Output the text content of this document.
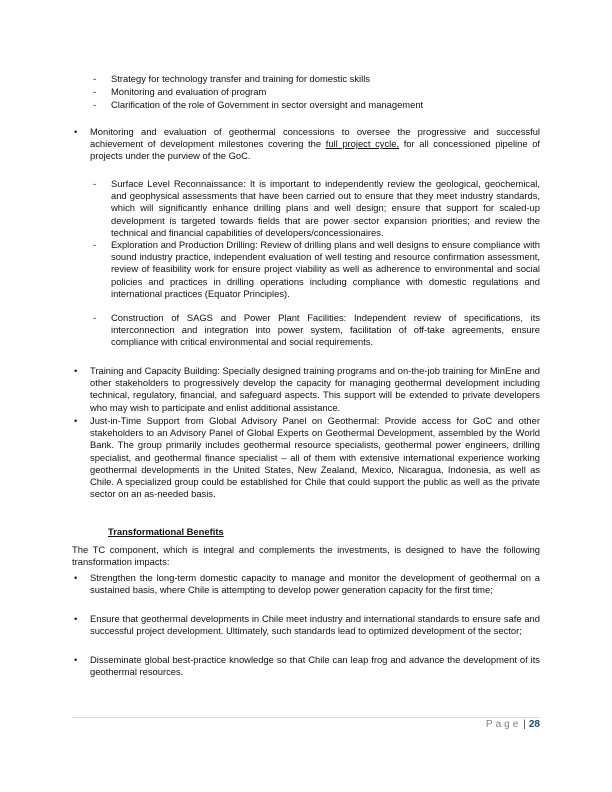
- Strategy for technology transfer and training for domestic skills

- Monitoring and evaluation of program

- Clarification of the role of Government in sector oversight and management

• Monitoring and evaluation of geothermal concessions to oversee the progressive and successful achievement of development milestones covering the full project cycle, for all concessioned pipeline of projects under the purview of the GoC.

- Surface Level Reconnaissance: It is important to independently review the geological, geochemical, and geophysical assessments that have been carried out to ensure that they meet industry standards, which will significantly enhance drilling plans and well design; ensure that support for scaled-up development is targeted towards fields that are power sector expansion priorities; and review the technical and financial capabilities of developers/concessionaires.

- Exploration and Production Drilling: Review of drilling plans and well designs to ensure compliance with sound industry practice, independent evaluation of well testing and resource confirmation assessment, review of feasibility work for ensure project viability as well as adherence to environmental and social policies and practices in drilling operations including compliance with domestic regulations and international practices (Equator Principles).

- Construction of SAGS and Power Plant Facilities: Independent review of specifications, its interconnection and integration into power system, facilitation of off-take agreements, ensure compliance with critical environmental and social requirements.

• Training and Capacity Building: Specially designed training programs and on-the-job training for MinEne and other stakeholders to progressively develop the capacity for managing geothermal development including technical, regulatory, financial, and safeguard aspects. This support will be extended to private developers who may wish to participate and enlist additional assistance.

• Just-in-Time Support from Global Advisory Panel on Geothermal: Provide access for GoC and other stakeholders to an Advisory Panel of Global Experts on Geothermal Development, assembled by the World Bank. The group primarily includes geothermal resource specialists, geothermal power engineers, drilling specialist, and geothermal finance specialist – all of them with extensive international experience working geothermal developments in the United States, New Zealand, Mexico, Nicaragua, Indonesia, as well as Chile. A specialized group could be established for Chile that could support the public as well as the private sector on an as-needed basis.

Transformational Benefits

The TC component, which is integral and complements the investments, is designed to have the following transformation impacts:

• Strengthen the long-term domestic capacity to manage and monitor the development of geothermal on a sustained basis, where Chile is attempting to develop power generation capacity for the first time;

• Ensure that geothermal developments in Chile meet industry and international standards to ensure safe and successful project development. Ultimately, such standards lead to optimized development of the sector;

• Disseminate global best-practice knowledge so that Chile can leap frog and advance the development of its geothermal resources.

Page | 28
